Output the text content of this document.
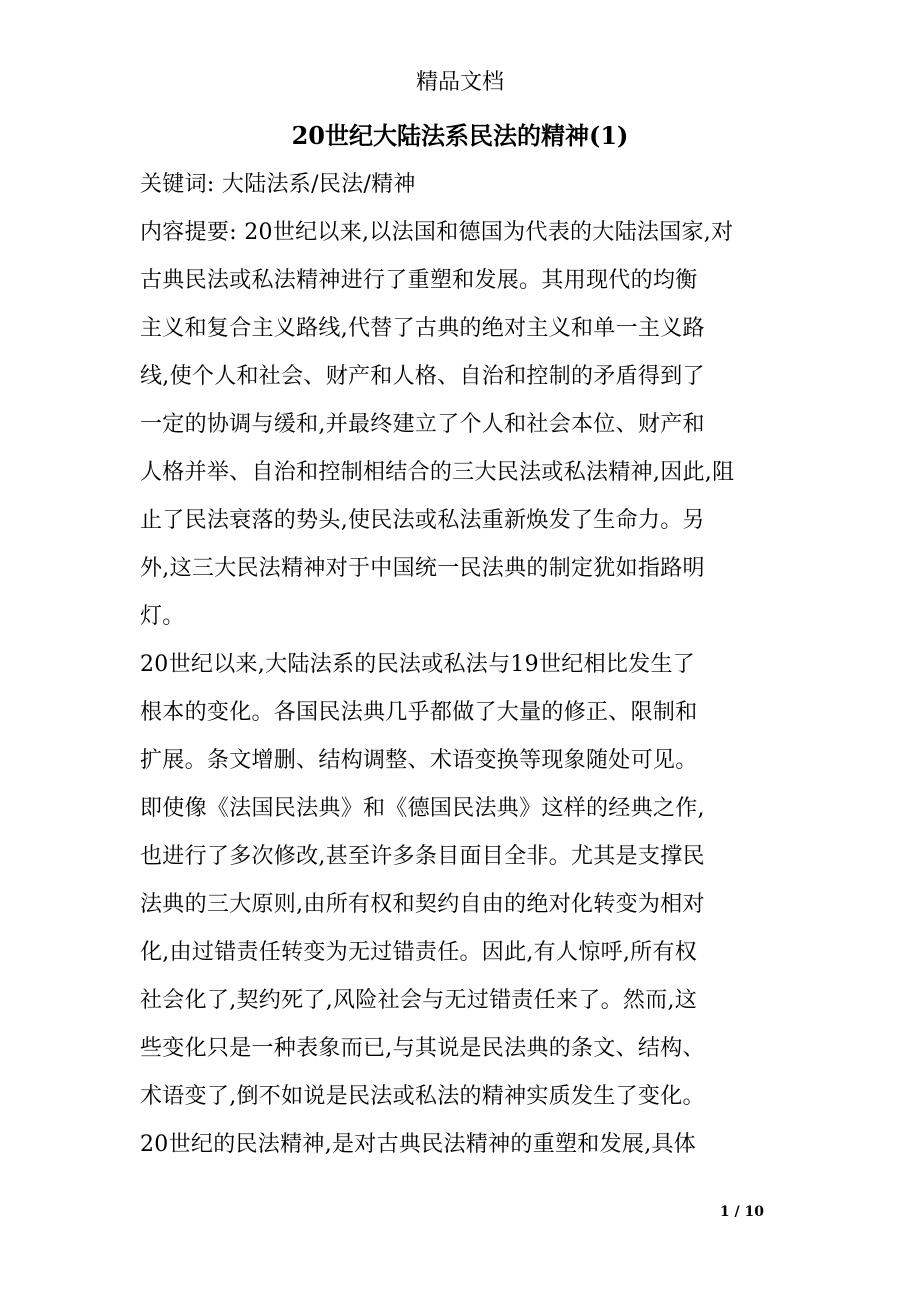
精品文档
20世纪大陆法系民法的精神(1)
关键词: 大陆法系/民法/精神
内容提要: 20世纪以来,以法国和德国为代表的大陆法国家,对
古典民法或私法精神进行了重塑和发展。其用现代的均衡
主义和复合主义路线,代替了古典的绝对主义和单一主义路
线,使个人和社会、财产和人格、自治和控制的矛盾得到了
一定的协调与缓和,并最终建立了个人和社会本位、财产和
人格并举、自治和控制相结合的三大民法或私法精神,因此,阻
止了民法衰落的势头,使民法或私法重新焕发了生命力。另
外,这三大民法精神对于中国统一民法典的制定犹如指路明
灯。
20世纪以来,大陆法系的民法或私法与19世纪相比发生了
根本的变化。各国民法典几乎都做了大量的修正、限制和
扩展。条文增删、结构调整、术语变换等现象随处可见。
即使像《法国民法典》和《德国民法典》这样的经典之作,
也进行了多次修改,甚至许多条目面目全非。尤其是支撑民
法典的三大原则,由所有权和契约自由的绝对化转变为相对
化,由过错责任转变为无过错责任。因此,有人惊呼,所有权
社会化了,契约死了,风险社会与无过错责任来了。然而,这
些变化只是一种表象而已,与其说是民法典的条文、结构、
术语变了,倒不如说是民法或私法的精神实质发生了变化。
20世纪的民法精神,是对古典民法精神的重塑和发展,具体
1 / 10
